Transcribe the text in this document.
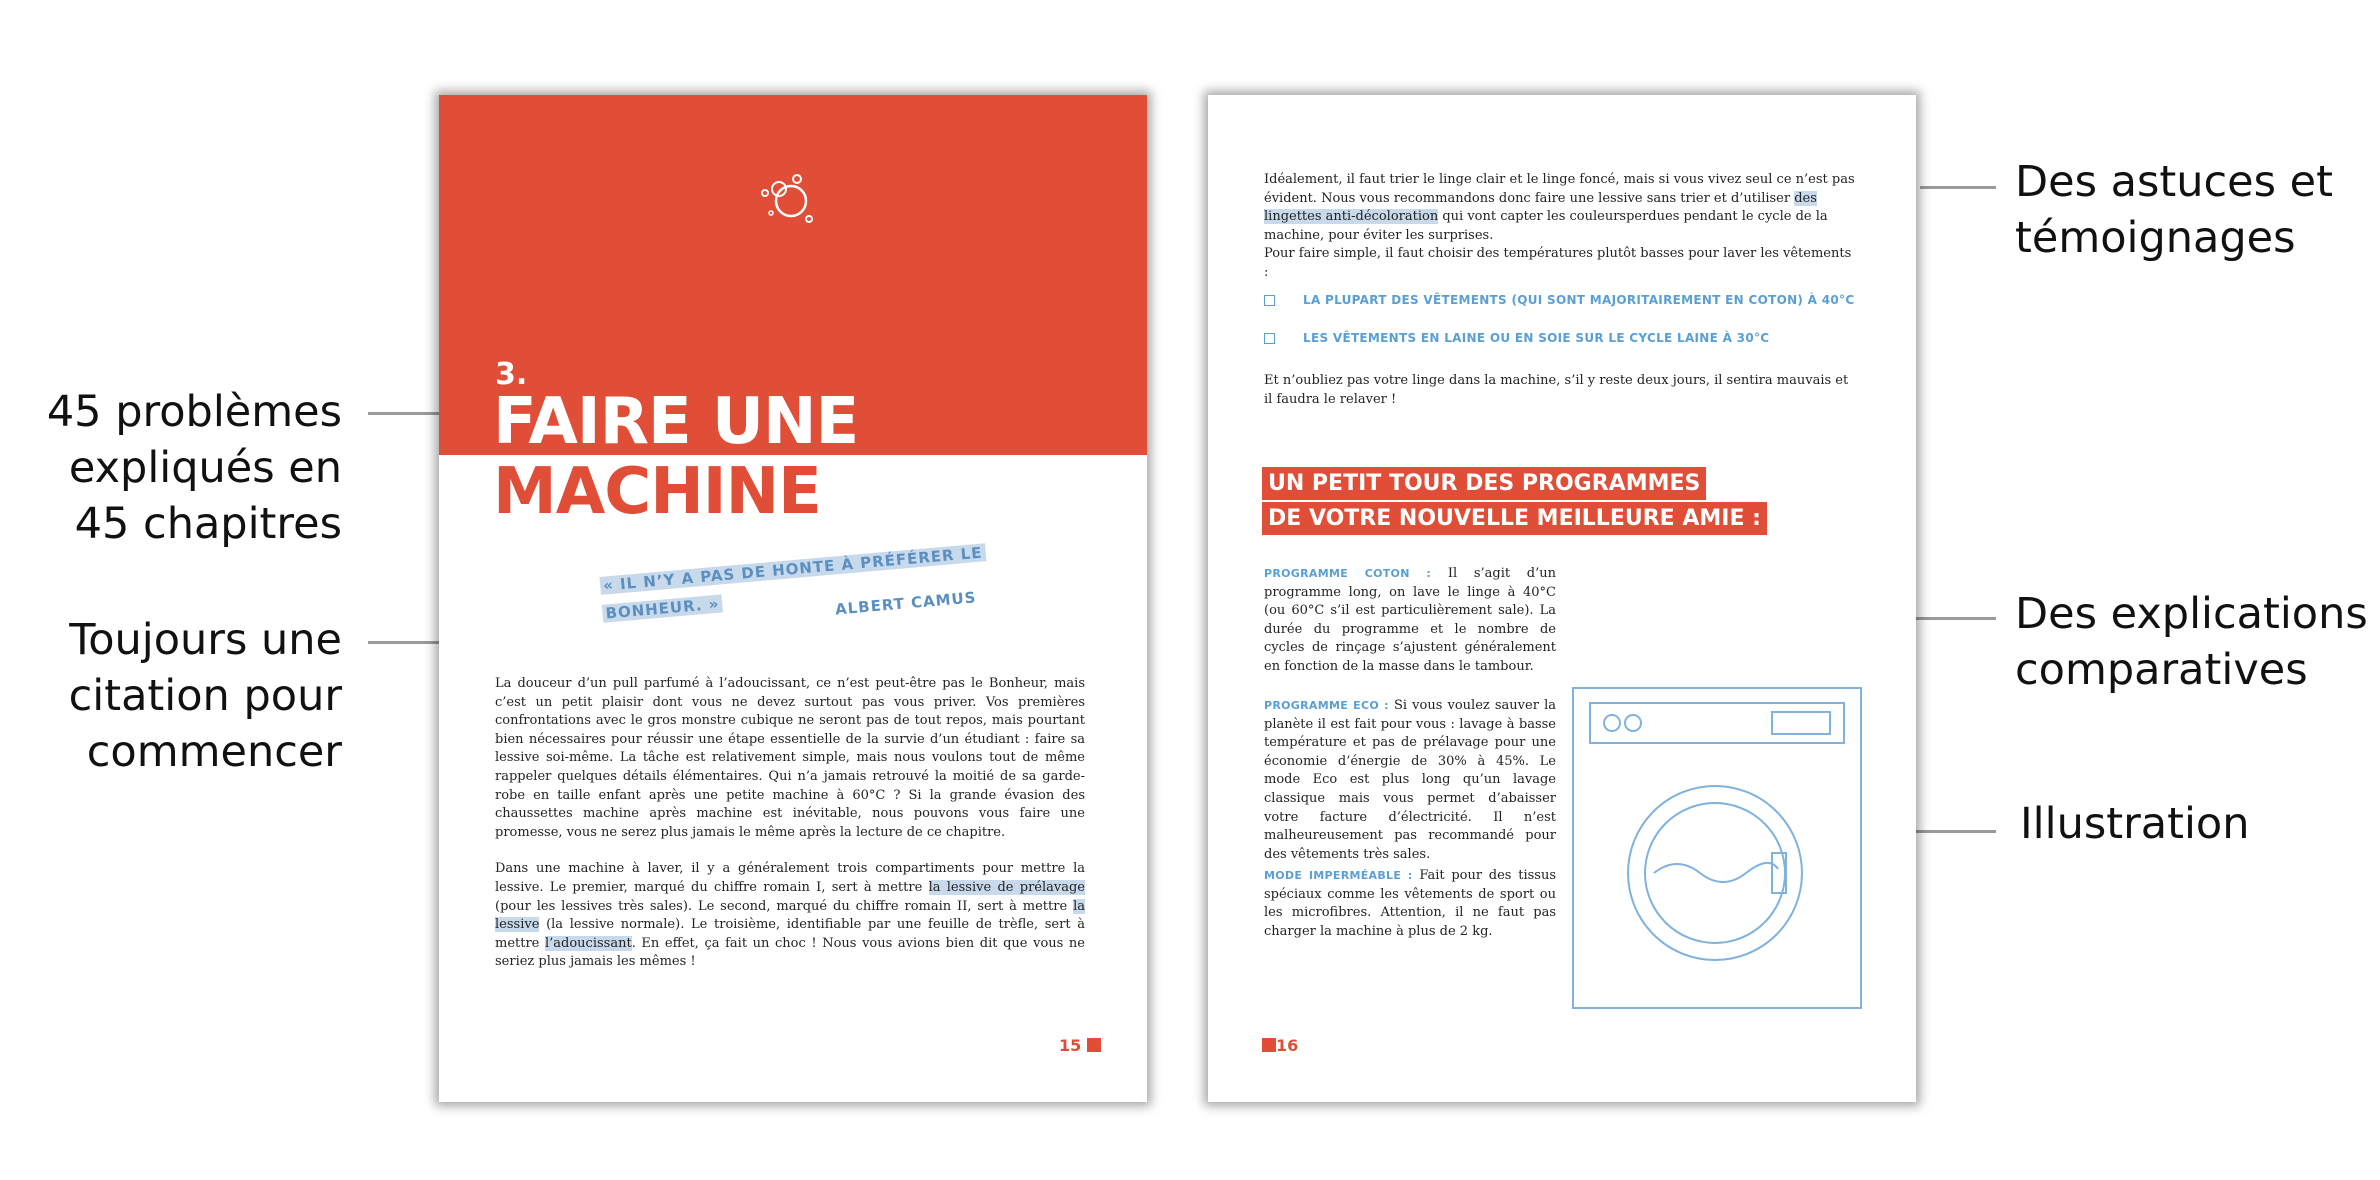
45 problèmes
expliqués en
45 chapitres
Toujours une
citation pour
commencer
Des astuces et
témoignages
Des explications
comparatives
Illustration
3.
FAIRE UNE
MACHINE
« IL N’Y A PAS DE HONTE À PRÉFÉRER LE
BONHEUR. »	ALBERT CAMUS

La douceur d’un pull parfumé à l’adoucissant, ce n’est peut-être pas le Bonheur, mais c’est un petit plaisir dont vous ne devez surtout pas vous priver. Vos premières confrontations avec le gros monstre cubique ne seront pas de tout repos, mais pourtant bien nécessaires pour réussir une étape essentielle de la survie d’un étudiant : faire sa lessive soi-même. La tâche est relativement simple, mais nous voulons tout de même rappeler quelques détails élémentaires. Qui n’a jamais retrouvé la moitié de sa garde-robe en taille enfant après une petite machine à 60°C ? Si la grande évasion des chaussettes machine après machine est inévitable, nous pouvons vous faire une promesse, vous ne serez plus jamais le même après la lecture de ce chapitre.

Dans une machine à laver, il y a généralement trois compartiments pour mettre la lessive. Le premier, marqué du chiffre romain I, sert à mettre la lessive de prélavage (pour les lessives très sales). Le second, marqué du chiffre romain II, sert à mettre la lessive (la lessive normale). Le troisième, identifiable par une feuille de trèfle, sert à mettre l’adoucissant. En effet, ça fait un choc ! Nous vous avions bien dit que vous ne seriez plus jamais les mêmes !

15

Idéalement, il faut trier le linge clair et le linge foncé, mais si vous vivez seul ce n’est pas évident. Nous vous recommandons donc faire une lessive sans trier et d’utiliser des lingettes anti-décoloration qui vont capter les couleursperdues pendant le cycle de la machine, pour éviter les surprises.

Pour faire simple, il faut choisir des températures plutôt basses pour laver les vêtements :

LA PLUPART DES VÊTEMENTS (QUI SONT MAJORITAIREMENT EN COTON) À 40°C
LES VÊTEMENTS EN LAINE OU EN SOIE SUR LE CYCLE LAINE À 30°C
Et n’oubliez pas votre linge dans la machine, s’il y reste deux jours, il sentira mauvais et il faudra le relaver !
UN PETIT TOUR DES PROGRAMMES
DE VOTRE NOUVELLE MEILLEURE AMIE :
PROGRAMME COTON : Il s’agit d’un programme long, on lave le linge à 40°C (ou 60°C s’il est particulièrement sale). La durée du programme et le nombre de cycles de rinçage s’ajustent généralement en fonction de la masse dans le tambour.
PROGRAMME ECO : Si vous voulez sauver la planète il est fait pour vous : lavage à basse température et pas de prélavage pour une économie d’énergie de 30% à 45%. Le mode Eco est plus long qu’un lavage classique mais vous permet d’abaisser votre facture d’électricité. Il n’est malheureusement pas recommandé pour des vêtements très sales.
MODE IMPERMÉABLE : Fait pour des tissus spéciaux comme les vêtements de sport ou les microfibres. Attention, il ne faut pas charger la machine à plus de 2 kg.
16
